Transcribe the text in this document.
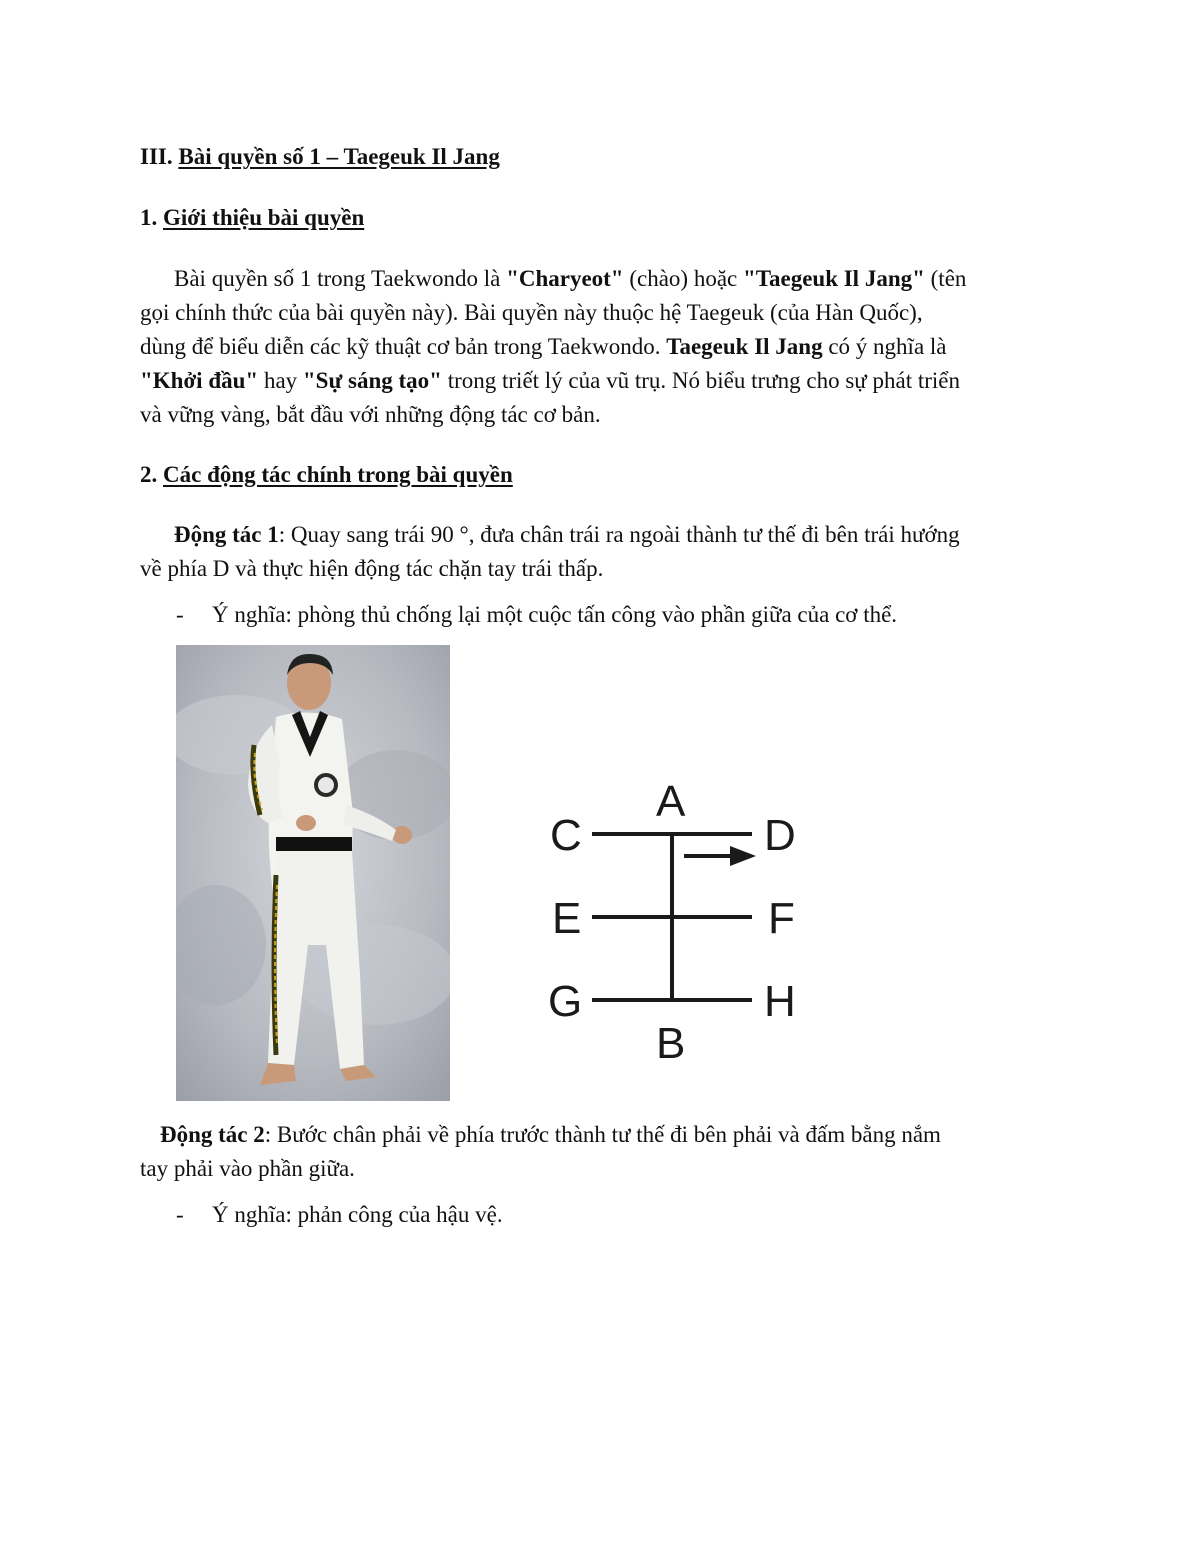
III. Bài quyền số 1 – Taegeuk Il Jang
1. Giới thiệu bài quyền
Bài quyền số 1 trong Taekwondo là "Charyeot" (chào) hoặc "Taegeuk Il Jang" (tên
gọi chính thức của bài quyền này). Bài quyền này thuộc hệ Taegeuk (của Hàn Quốc),
dùng để biểu diễn các kỹ thuật cơ bản trong Taekwondo. Taegeuk Il Jang có ý nghĩa là
"Khởi đầu" hay "Sự sáng tạo" trong triết lý của vũ trụ. Nó biểu trưng cho sự phát triển
và vững vàng, bắt đầu với những động tác cơ bản.
2. Các động tác chính trong bài quyền
Động tác 1: Quay sang trái 90 °, đưa chân trái ra ngoài thành tư thế đi bên trái hướng
về phía D và thực hiện động tác chặn tay trái thấp.
- Ý nghĩa: phòng thủ chống lại một cuộc tấn công vào phần giữa của cơ thể.
A
B
C	D
E	F
G	H
Động tác 2: Bước chân phải về phía trước thành tư thế đi bên phải và đấm bằng nắm
tay phải vào phần giữa.
- Ý nghĩa: phản công của hậu vệ.
